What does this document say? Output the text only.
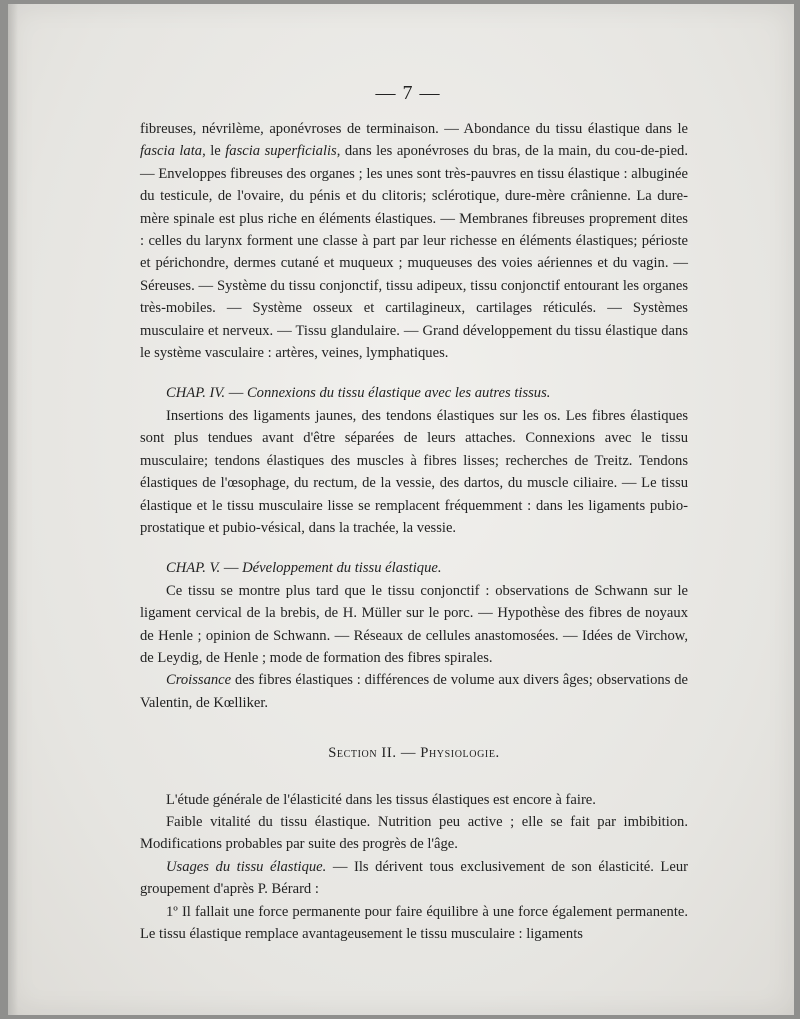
— 7 —

fibreuses, névrilème, aponévroses de terminaison. — Abondance du tissu élastique dans le fascia lata, le fascia superficialis, dans les aponévroses du bras, de la main, du cou-de-pied. — Enveloppes fibreuses des organes ; les unes sont très-pauvres en tissu élastique : albuginée du testicule, de l'ovaire, du pénis et du clitoris; sclérotique, dure-mère crânienne. La dure-mère spinale est plus riche en éléments élastiques. — Membranes fibreuses proprement dites : celles du larynx forment une classe à part par leur richesse en éléments élastiques; périoste et périchondre, dermes cutané et muqueux ; muqueuses des voies aériennes et du vagin. — Séreuses. — Système du tissu conjonctif, tissu adipeux, tissu conjonctif entourant les organes très-mobiles. — Système osseux et cartilagineux, cartilages réticulés. — Systèmes musculaire et nerveux. — Tissu glandulaire. — Grand développement du tissu élastique dans le système vasculaire : artères, veines, lymphatiques.

CHAP. IV. — Connexions du tissu élastique avec les autres tissus.

Insertions des ligaments jaunes, des tendons élastiques sur les os. Les fibres élastiques sont plus tendues avant d'être séparées de leurs attaches. Connexions avec le tissu musculaire; tendons élastiques des muscles à fibres lisses; recherches de Treitz. Tendons élastiques de l'œsophage, du rectum, de la vessie, des dartos, du muscle ciliaire. — Le tissu élastique et le tissu musculaire lisse se remplacent fréquemment : dans les ligaments pubio-prostatique et pubio-vésical, dans la trachée, la vessie.

CHAP. V. — Développement du tissu élastique.

Ce tissu se montre plus tard que le tissu conjonctif : observations de Schwann sur le ligament cervical de la brebis, de H. Müller sur le porc. — Hypothèse des fibres de noyaux de Henle ; opinion de Schwann. — Réseaux de cellules anastomosées. — Idées de Virchow, de Leydig, de Henle ; mode de formation des fibres spirales.

Croissance des fibres élastiques : différences de volume aux divers âges; observations de Valentin, de Kœlliker.

Section II. — Physiologie.

L'étude générale de l'élasticité dans les tissus élastiques est encore à faire.

Faible vitalité du tissu élastique. Nutrition peu active ; elle se fait par imbibition. Modifications probables par suite des progrès de l'âge.

Usages du tissu élastique. — Ils dérivent tous exclusivement de son élasticité. Leur groupement d'après P. Bérard :

1º Il fallait une force permanente pour faire équilibre à une force également permanente. Le tissu élastique remplace avantageusement le tissu musculaire : ligaments
